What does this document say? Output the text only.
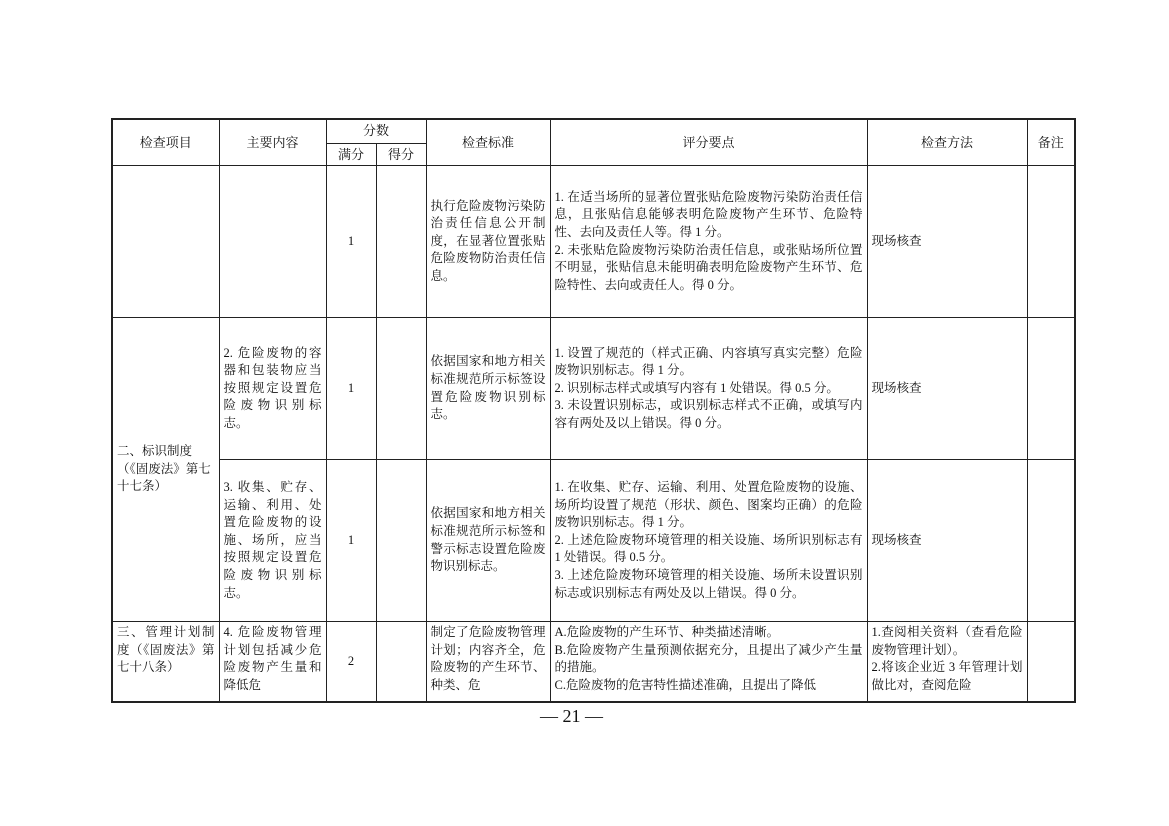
检查项目	主要内容	分数		检查标准	评分要点	检查方法	备注
		满分	得分				
		1		执行危险废物污染防治责任信息公开制度，在显著位置张贴危险废物防治责任信息。	1. 在适当场所的显著位置张贴危险废物污染防治责任信息，且张贴信息能够表明危险废物产生环节、危险特性、去向及责任人等。得 1 分。
2. 未张贴危险废物污染防治责任信息，或张贴场所位置不明显，张贴信息未能明确表明危险废物产生环节、危险特性、去向或责任人。得 0 分。	现场核查	
二、标识制度（《固废法》第七十七条）	2. 危险废物的容器和包装物应当按照规定设置危险废物识别标志。	1		依据国家和地方相关标准规范所示标签设置危险废物识别标志。	1. 设置了规范的（样式正确、内容填写真实完整）危险废物识别标志。得 1 分。
2. 识别标志样式或填写内容有 1 处错误。得 0.5 分。
3. 未设置识别标志，或识别标志样式不正确，或填写内容有两处及以上错误。得 0 分。	现场核查	
	3. 收集、贮存、运输、利用、处置危险废物的设施、场所，应当按照规定设置危险废物识别标志。	1		依据国家和地方相关标准规范所示标签和警示标志设置危险废物识别标志。	1. 在收集、贮存、运输、利用、处置危险废物的设施、场所均设置了规范（形状、颜色、图案均正确）的危险废物识别标志。得 1 分。
2. 上述危险废物环境管理的相关设施、场所识别标志有 1 处错误。得 0.5 分。
3. 上述危险废物环境管理的相关设施、场所未设置识别标志或识别标志有两处及以上错误。得 0 分。	现场核查	
三、管理计划制度（《固废法》第七十八条）	4. 危险废物管理计划包括减少危险废物产生量和降低危	2		制定了危险废物管理计划；内容齐全，危险废物的产生环节、种类、危	A.危险废物的产生环节、种类描述清晰。
B.危险废物产生量预测依据充分，且提出了减少产生量的措施。
C.危险废物的危害特性描述准确，且提出了降低	1.查阅相关资料（查看危险废物管理计划）。
2.将该企业近 3 年管理计划做比对，查阅危险	

— 21 —
